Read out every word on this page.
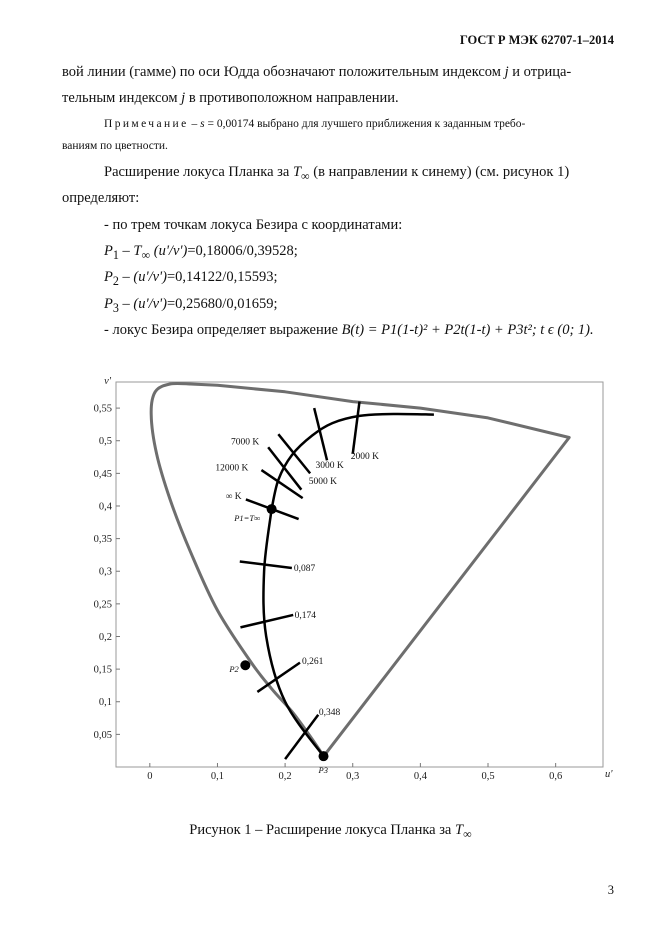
ГОСТ Р МЭК 62707-1–2014
вой линии (гамме) по оси Юдда обозначают положительным индексом j и отрица-
тельным индексом j в противоположном направлении.
Примечание – s = 0,00174 выбрано для лучшего приближения к заданным требо-
ваниям по цветности.
Расширение локуса Планка за $T_\infty$ (в направлении к синему) (см. рисунок 1)
определяют:
- по трем точкам локуса Безира с координатами:
$P_1 - T_\infty$ (u'/v')=0,18006/0,39528;
$P_2 - (u'/v')=0,14122/0,15593$;
$P_3 - (u'/v')=0,25680/0,01659$;
- локус Безира определяет выражение B(t) = P1(1-t)² + P2t(1-t) + P3t²; t ϵ (0; 1).
0	0,1	0,2	0,3	0,4	0,5	0,6
0,05
0,1
0,15
0,2
0,25
0,3
0,35
0,4
0,45
0,5
0,55
v'
u'
2000 K
3000 K
5000 K
7000 K
12000 K
∞ K
0,087
0,174
0,261
0,348
P1=T∞
P2
P3
Рисунок 1 – Расширение локуса Планка за $T_\infty$
3
